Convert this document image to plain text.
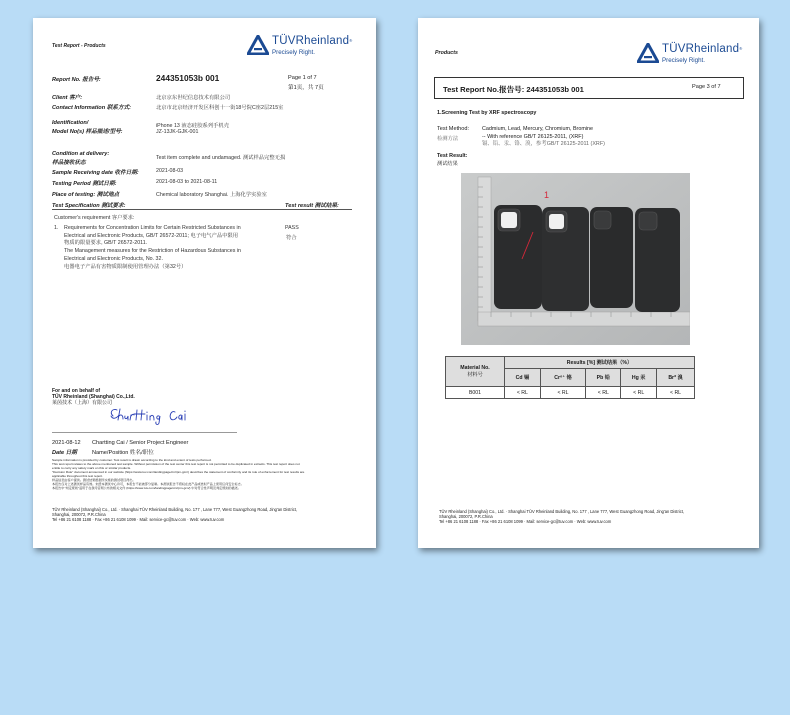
Test Report - Products	TÜVRheinland®
Precisely Right.
Report No. 报告号:	244351053b 001	Page 1 of 7
第1页，共 7页
Client 客户:	北京京东世纪信息技术有限公司
Contact Information 联系方式:	北京市北京经济开发区科创十一街18号院C座2层215室
Identification/
Model No(s) 样品描述/型号:
iPhone 13 液态硅胶系列手机壳
JZ-13JK-GJK-001
Condition at delivery:
样品接收状态
Test item complete and undamaged. 测试样品完整无损
Sample Receiving date 收件日期:	2021-08-03
Testing Period 测试日期:	2021-08-03 to 2021-08-11
Place of testing: 测试地点	Chemical laboratory Shanghai. 上海化学实验室
Test Specification 测试要求:	Test result 测试结果:
Customer's requirement 客户要求:
1. Requirements for Concentration Limits for Certain Restricted Substances in
Electrical and Electronic Products, GB/T 26572-2011; 电子电气产品中限用
物质的限量要求, GB/T 26572-2011.
The Management measures for the Restriction of Hazardous Substances in
Electrical and Electronic Products, No. 32.
电器电子产品有害物质限制使用管理办法（第32号）
PASS
符合
For and on behalf of
TÜV Rheinland (Shanghai) Co.,Ltd.
莱茵技术（上海）有限公司
2021-08-12 Chartting Cai / Senior Project Engineer
Date 日期	Name/Position 姓名/职位
Sample information is provided by customer. Test result is drawn according to the kind and extent of tests performed.
This test report relates to the above mentioned test sample. Without permission of the test center this test report is not permitted to be duplicated in extracts. This test report does not
entitle to carry any safety mark on this or similar products.
"Decision Rule" document announced in our website (https://www.tuv.com/landingpage/cn/rpm-gcn/) describes the statement of conformity and its rule of enforcement for test results are
applicable throughout this test report.
样品信息由客户提供。测试结果根据所实施的测试项目得出。
本报告仅对上述测试样品有效。未经本测试中心许可，本报告不能被部分复制。本测试报告不授权在此产品或类似产品上使用任何安全标志。
本报告中"判定规则"适用于在我司官网公布的相关文件 (https://www.tuv.com/landingpage/cn/rpm-gcn/) 中对符合性声明及判定规则的描述。
TÜV Rheinland (Shanghai) Co., Ltd. · Shanghai TÜV Rheinland Building, No. 177 , Lane 777, West Guangzhong Road, Jing'an District,
Shanghai, 200072, P.R.China
Tel +86 21 6108 1188 · Fax +86 21 6108 1099 · Mail: service-gc@tuv.com · Web: www.tuv.com
Products	TÜVRheinland®
Precisely Right.
Test Report No.报告号: 244351053b 001	Page 3 of 7
1.Screening Test by XRF spectroscopy
Test Method:
检测方法
Cadmium, Lead, Mercury, Chromium, Bromine
-- With reference GB/T 26125-2011, (XRF)
镉、铅、汞、铬、溴，参考GB/T 26125-2011 (XRF)
Test Result:
测试结果
1
Material No.
材料号	Results [%] 测试结果（%）				
	Cd 镉	Cr⁶⁺ 铬	Pb 铅	Hg 汞	Br* 溴
B001	< RL	< RL	< RL	< RL	< RL
TÜV Rheinland (Shanghai) Co., Ltd. · Shanghai TÜV Rheinland Building, No. 177 , Lane 777, West Guangzhong Road, Jing'an District,
Shanghai, 200072, P.R.China
Tel +86 21 6108 1188 · Fax +86 21 6108 1099 · Mail: service-gc@tuv.com · Web: www.tuv.com
